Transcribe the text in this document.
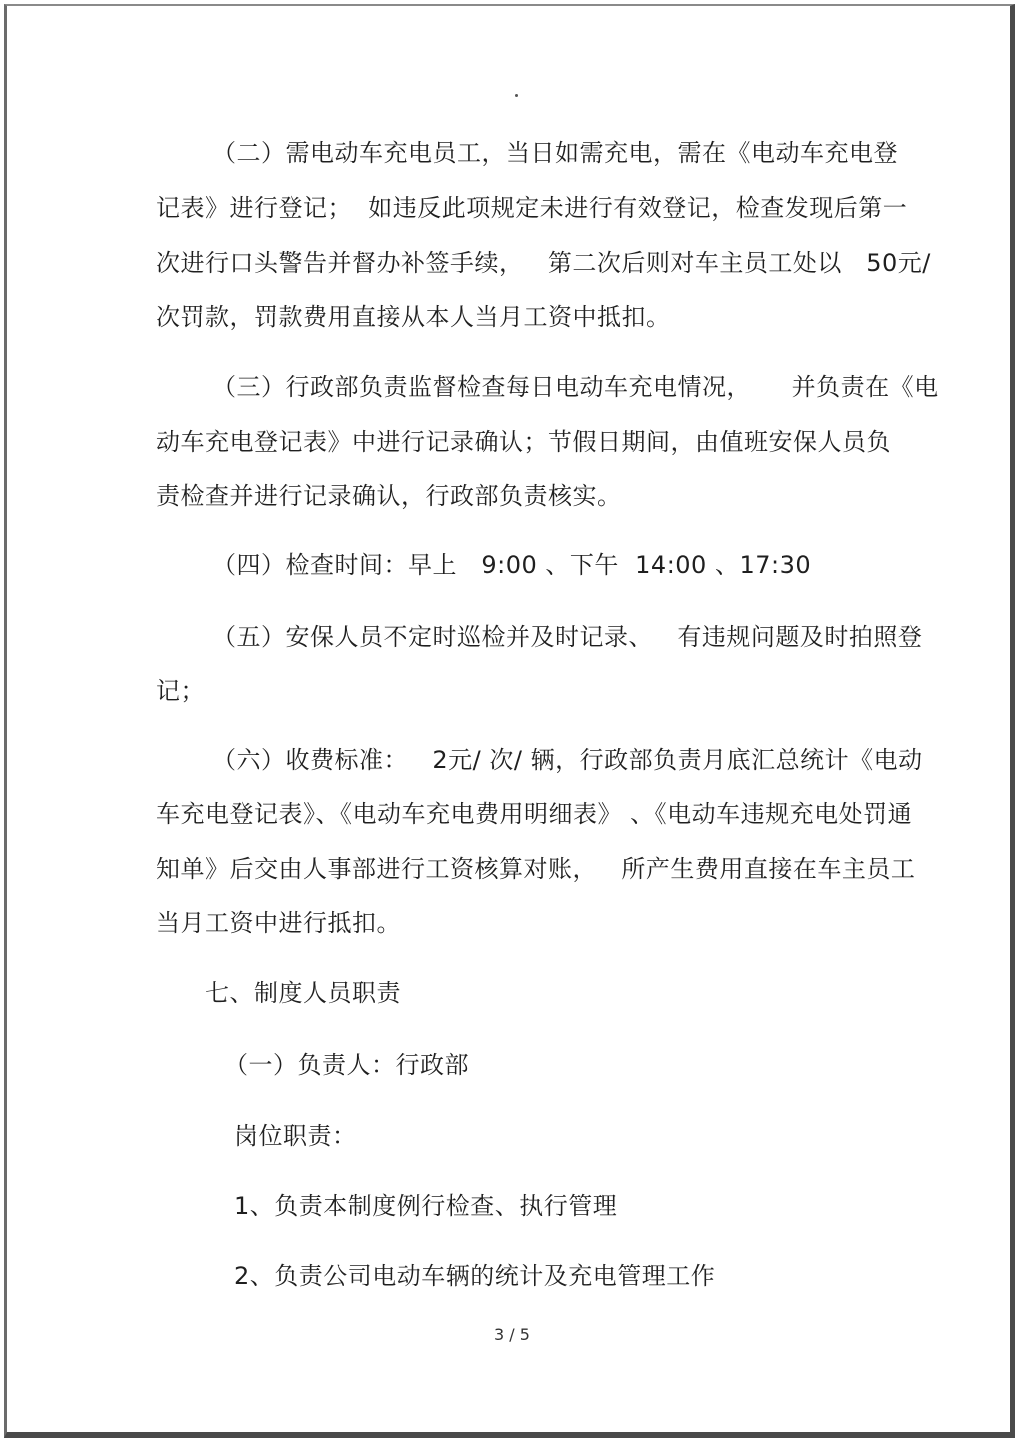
（二）需电动车充电员工，当日如需充电，需在《电动车充电登
记表》进行登记；  如违反此项规定未进行有效登记，检查发现后第一
次进行口头警告并督办补签手续，   第二次后则对车主员工处以   50元/
次罚款，罚款费用直接从本人当月工资中抵扣。
（三）行政部负责监督检查每日电动车充电情况，     并负责在《电
动车充电登记表》中进行记录确认；节假日期间，由值班安保人员负
责检查并进行记录确认，行政部负责核实。
（四）检查时间：早上   9:00 、下午  14:00 、17:30
（五）安保人员不定时巡检并及时记录、   有违规问题及时拍照登
记；
（六）收费标准：   2元/ 次/ 辆，行政部负责月底汇总统计《电动
车充电登记表》、《电动车充电费用明细表》 、《电动车违规充电处罚通
知单》后交由人事部进行工资核算对账，   所产生费用直接在车主员工
当月工资中进行抵扣。
七、制度人员职责
（一）负责人：行政部
岗位职责：
1、负责本制度例行检查、执行管理
2、负责公司电动车辆的统计及充电管理工作
3 / 5
